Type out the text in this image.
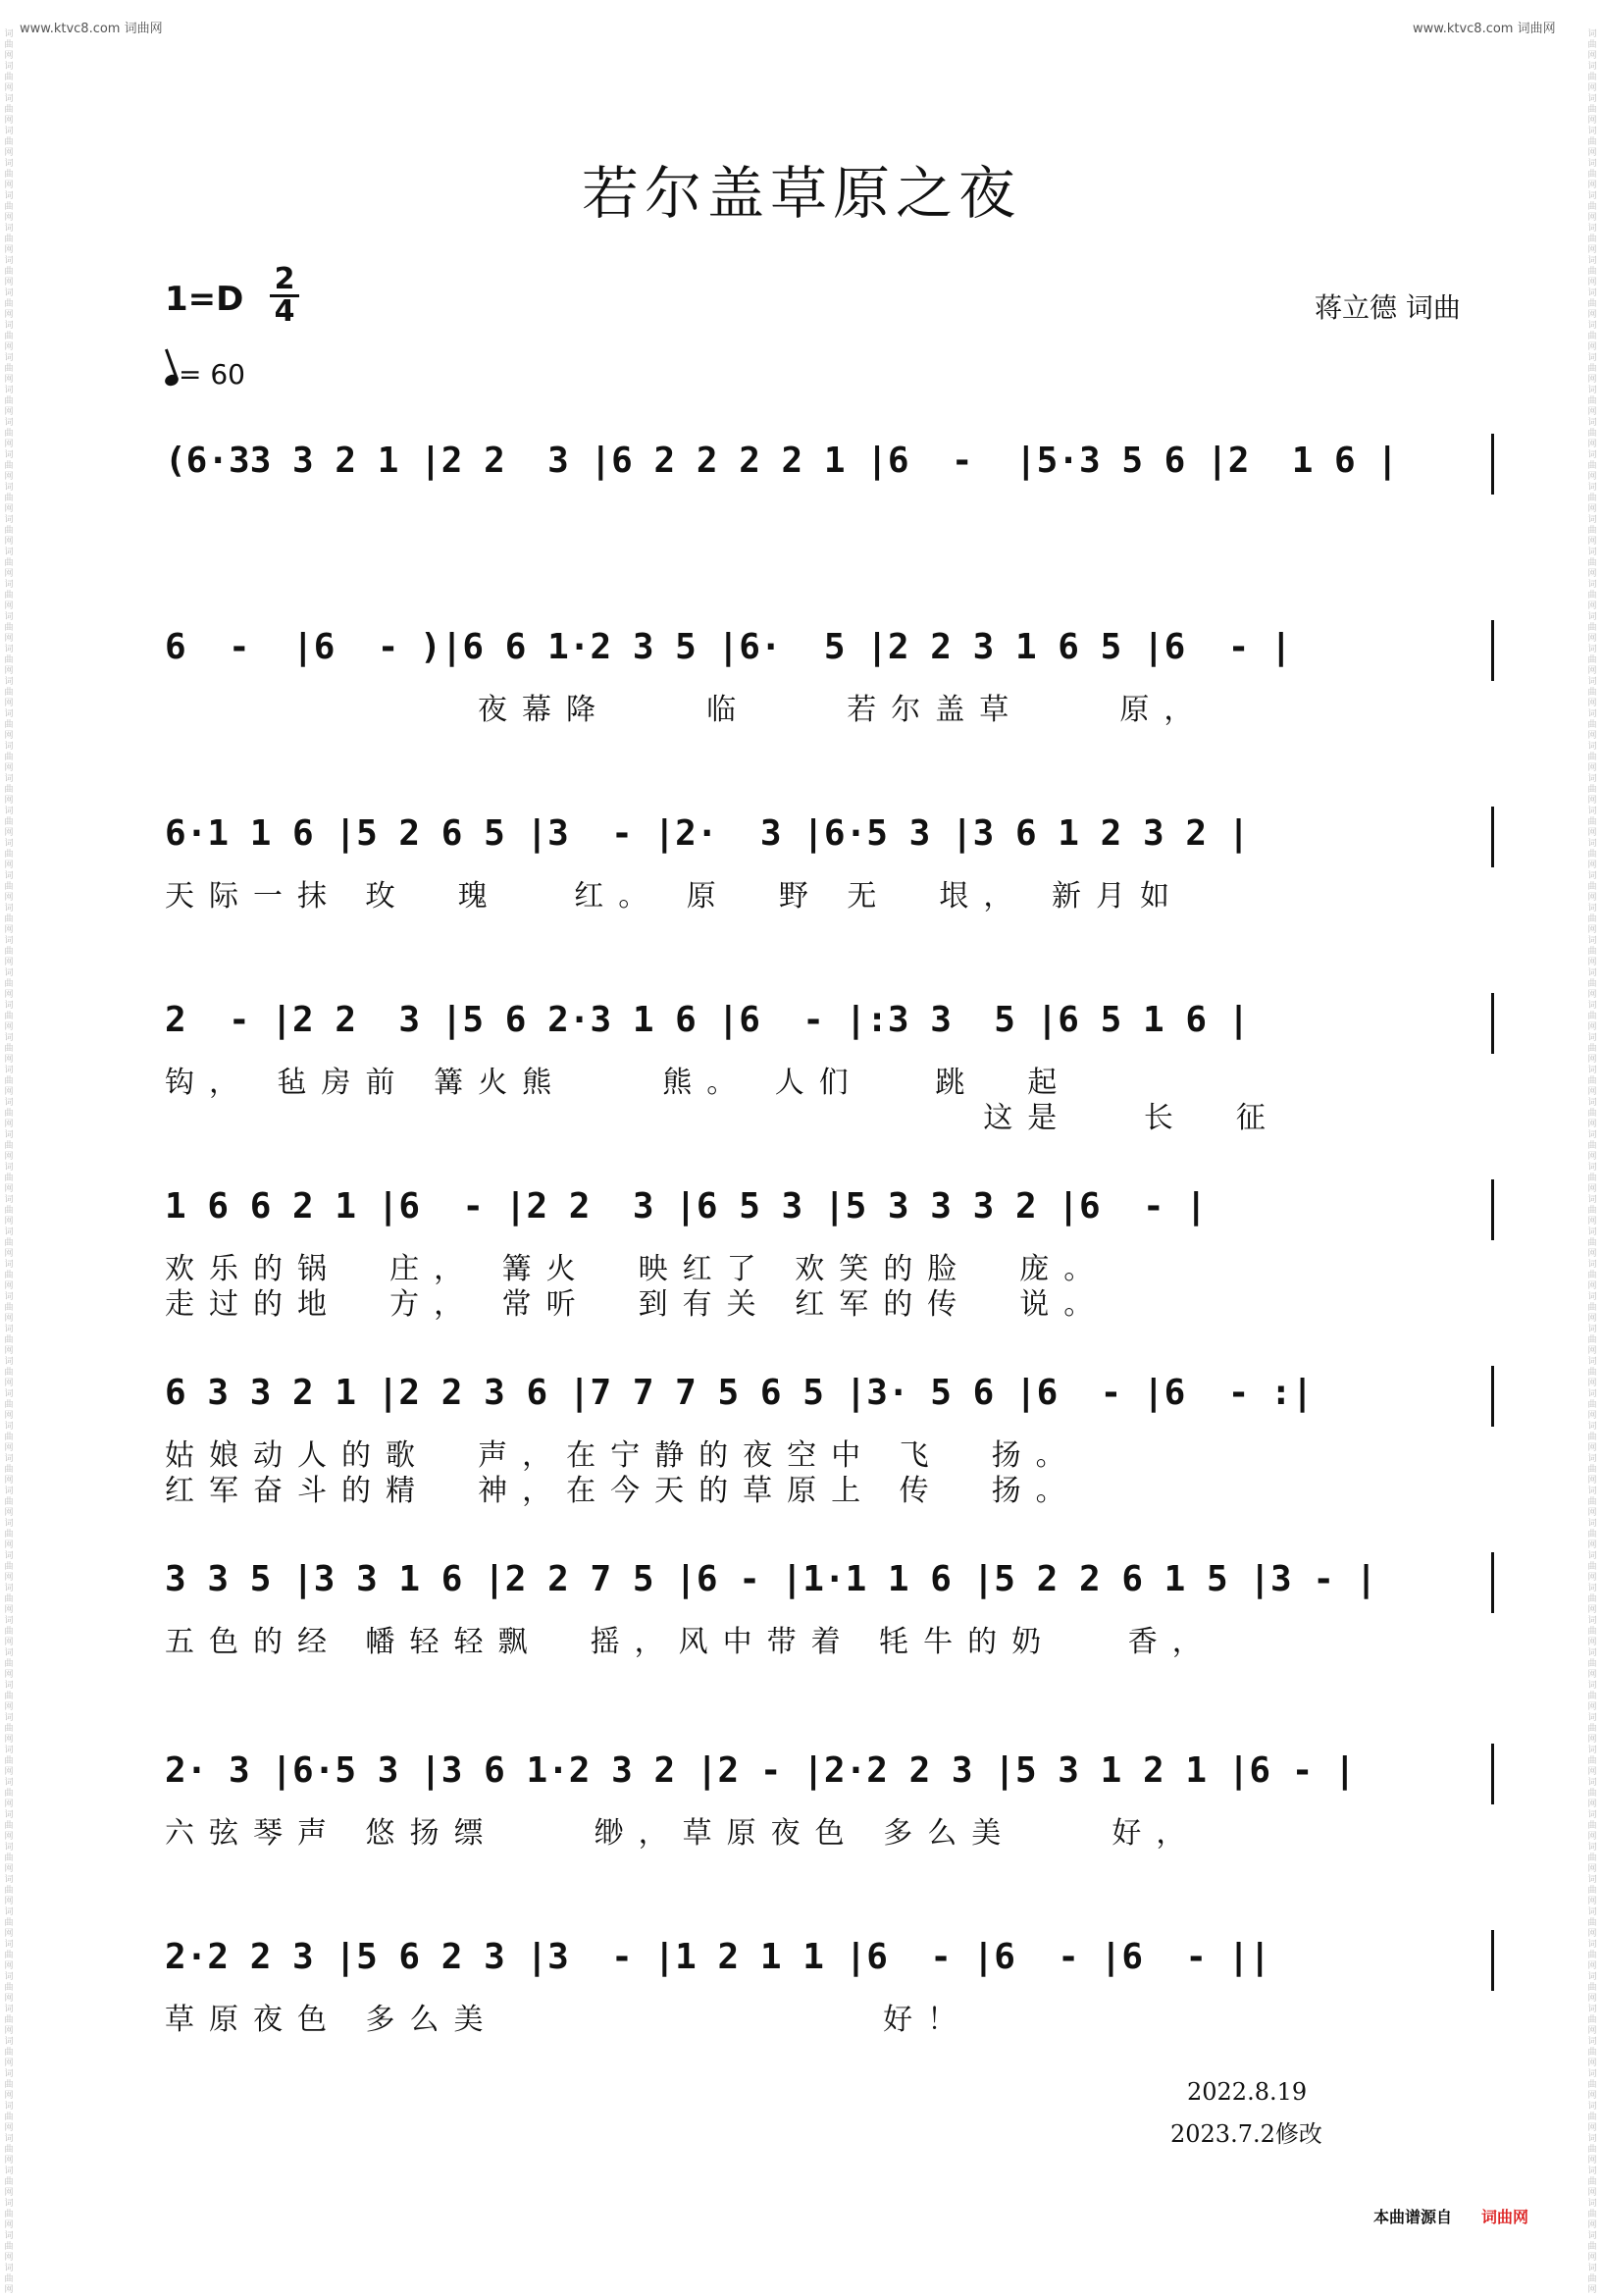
www.ktvc8.com 词曲网	www.ktvc8.com 词曲网
词曲网词曲网词曲网词曲网词曲网词曲网词曲网词曲网词曲网词曲网词曲网词曲网词曲网词曲网词曲网词曲网词曲网词曲网词曲网词曲网词曲网词曲网词曲网词曲网词曲网词曲网词曲网词曲网词曲网词曲网词曲网词曲网词曲网词曲网词曲网词曲网词曲网词曲网词曲网词曲网词曲网词曲网词曲网词曲网词曲网词曲网词曲网词曲网词曲网词曲网词曲网词曲网词曲网词曲网词曲网词曲网词曲网词曲网词曲网词曲网词曲网词曲网词曲网词曲网词曲网词曲网词曲网词曲网词曲网词曲网
词曲网词曲网词曲网词曲网词曲网词曲网词曲网词曲网词曲网词曲网词曲网词曲网词曲网词曲网词曲网词曲网词曲网词曲网词曲网词曲网词曲网词曲网词曲网词曲网词曲网词曲网词曲网词曲网词曲网词曲网词曲网词曲网词曲网词曲网词曲网词曲网词曲网词曲网词曲网词曲网词曲网词曲网词曲网词曲网词曲网词曲网词曲网词曲网词曲网词曲网词曲网词曲网词曲网词曲网词曲网词曲网词曲网词曲网词曲网词曲网词曲网词曲网词曲网词曲网词曲网词曲网词曲网词曲网词曲网词曲网
若尔盖草原之夜
1=D
2
4
= 60
蒋立德 词曲
(6·33 3 2 1 |2 2  3 |6 2 2 2 2 1 |6  -  |5·3 5 6 |2  1 6 |
6  -  |6  - )|6 6 1·2 3 5 |6·  5 |2 2 3 1 6 5 |6  - |
夜幕降    临    若尔盖草    原，
6·1 1 6 |5 2 6 5 |3  - |2·  3 |6·5 3 |3 6 1 2 3 2 |
天际一抹 玫  瑰   红。 原  野 无  垠， 新月如
2  - |2 2  3 |5 6 2·3 1 6 |6  - |:3 3  5 |6 5 1 6 |
钩， 毡房前 篝火熊    熊。 人们   跳  起
这是   长  征
1 6 6 2 1 |6  - |2 2  3 |6 5 3 |5 3 3 3 2 |6  - |
欢乐的锅  庄， 篝火  映红了 欢笑的脸  庞。
走过的地  方， 常听  到有关 红军的传  说。
6 3 3 2 1 |2 2 3 6 |7 7 7 5 6 5 |3· 5 6 |6  - |6  - :|
姑娘动人的歌  声，在宁静的夜空中 飞  扬。
红军奋斗的精  神，在今天的草原上 传  扬。
3 3 5 |3 3 1 6 |2 2 7 5 |6 - |1·1 1 6 |5 2 2 6 1 5 |3 - |
五色的经 幡轻轻飘  摇，风中带着 牦牛的奶   香，
2· 3 |6·5 3 |3 6 1·2 3 2 |2 - |2·2 2 3 |5 3 1 2 1 |6 - |
六弦琴声 悠扬缥    缈，草原夜色 多么美    好，
2·2 2 3 |5 6 2 3 |3  - |1 2 1 1 |6  - |6  - |6  - ||
草原夜色 多么美                好！
2022.8.19
2023.7.2修改
本曲谱源自 词曲网
